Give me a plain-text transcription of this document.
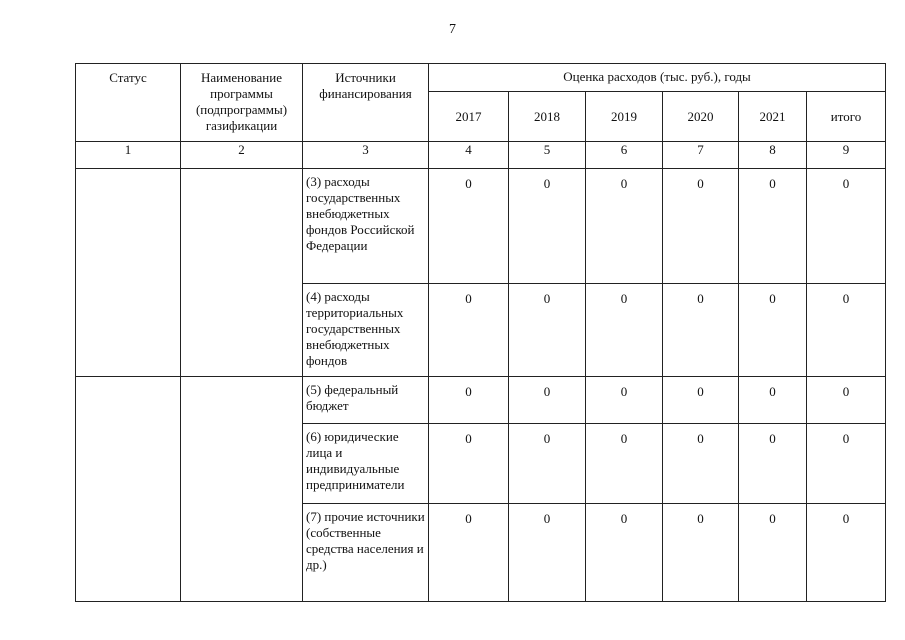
7
Статус	Наименование программы (подпрограммы) газификации	Источники финансирования	Оценка расходов (тыс. руб.), годы					
			2017	2018	2019	2020	2021	итого
1	2	3	4	5	6	7	8	9
		(3) расходы государственных внебюджетных фондов Российской Федерации	0	0	0	0	0	0
		(4) расходы территориальных государственных внебюджетных фондов	0	0	0	0	0	0
		(5) федеральный бюджет	0	0	0	0	0	0
		(6) юридические лица и индивидуальные предприниматели	0	0	0	0	0	0
		(7) прочие источники (собственные средства населения и др.)	0	0	0	0	0	0
